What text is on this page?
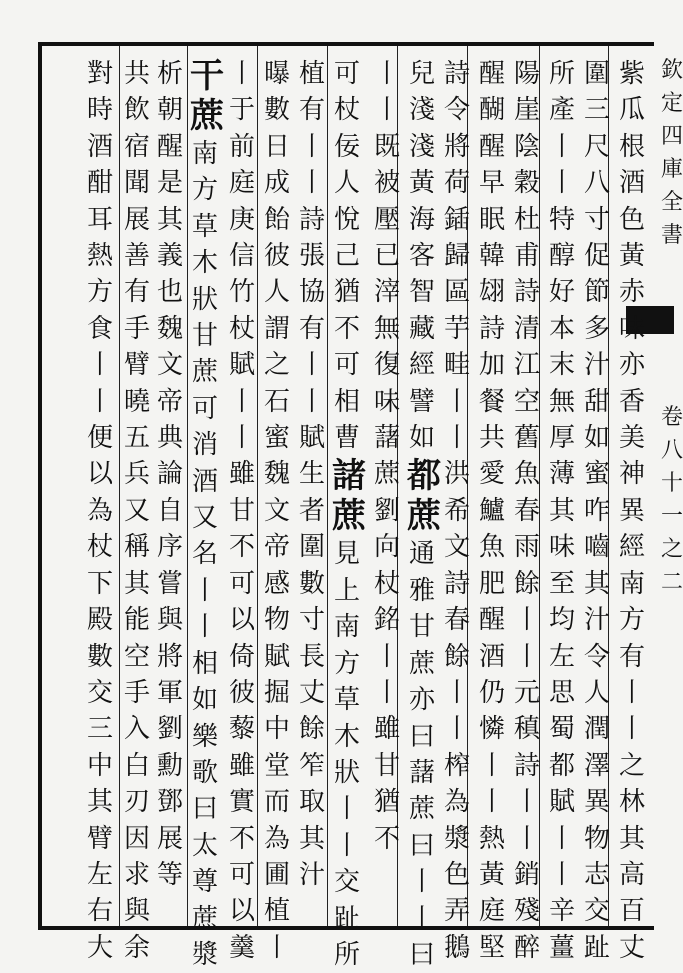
欽定四庫全書
卷八十一之二
紫
瓜
根
酒
色
黃
赤
味
亦
香
美
神
異
經
南
方
有
丨
丨
之
林
其
高
百
丈
圍
三
尺
八
寸
促
節
多
汁
甜
如
蜜
咋
嚙
其
汁
令
人
潤
澤
異
物
志
交
趾
所
產
丨
丨
特
醇
好
本
末
無
厚
薄
其
味
至
均
左
思
蜀
都
賦
丨
丨
辛
薑
陽
崖
陰
穀
杜
甫
詩
清
江
空
舊
魚
春
雨
餘
丨
丨
元
稹
詩
丨
丨
銷
殘
醉
醒
醐
醒
早
眠
韓
翃
詩
加
餐
共
愛
鱸
魚
肥
醒
酒
仍
憐
丨
丨
熱
黃
庭
堅
詩
令
將
荷
鍤
歸
區
芋
畦
丨
丨
洪
希
文
詩
春
餘
丨
丨
榨
為
漿
色
弄
鵝
兒
淺
淺
黃
海
客
智
藏
經
譬
如
都
蔗
通
雅
甘
蔗
亦
曰
藷
蔗
曰
丨
丨
曰
丨
丨
既
被
壓
已
滓
無
復
味
藷
蔗
劉
向
杖
銘
丨
丨
雖
甘
猶
不
可
杖
佞
人
悅
己
猶
不
可
相
曹
諸
蔗
見
上
南
方
草
木
狀
丨
丨
交
趾
所
植
有
丨
丨
詩
張
協
有
丨
丨
賦
生
者
圍
數
寸
長
丈
餘
笮
取
其
汁
曝
數
日
成
飴
彼
人
謂
之
石
蜜
魏
文
帝
感
物
賦
掘
中
堂
而
為
圃
植
丨
丨
于
前
庭
庚
信
竹
杖
賦
丨
丨
雖
甘
不
可
以
倚
彼
藜
雖
實
不
可
以
羹
干
蔗
南
方
草
木
狀
甘
蔗
可
消
酒
又
名
丨
丨
相
如
樂
歌
曰
太
尊
蔗
漿
析
朝
醒
是
其
義
也
魏
文
帝
典
論
自
序
嘗
與
將
軍
劉
勳
鄧
展
等
共
飲
宿
聞
展
善
有
手
臂
曉
五
兵
又
稱
其
能
空
手
入
白
刃
因
求
與
余
對
時
酒
酣
耳
熱
方
食
丨
丨
便
以
為
杖
下
殿
數
交
三
中
其
臂
左
右
大
